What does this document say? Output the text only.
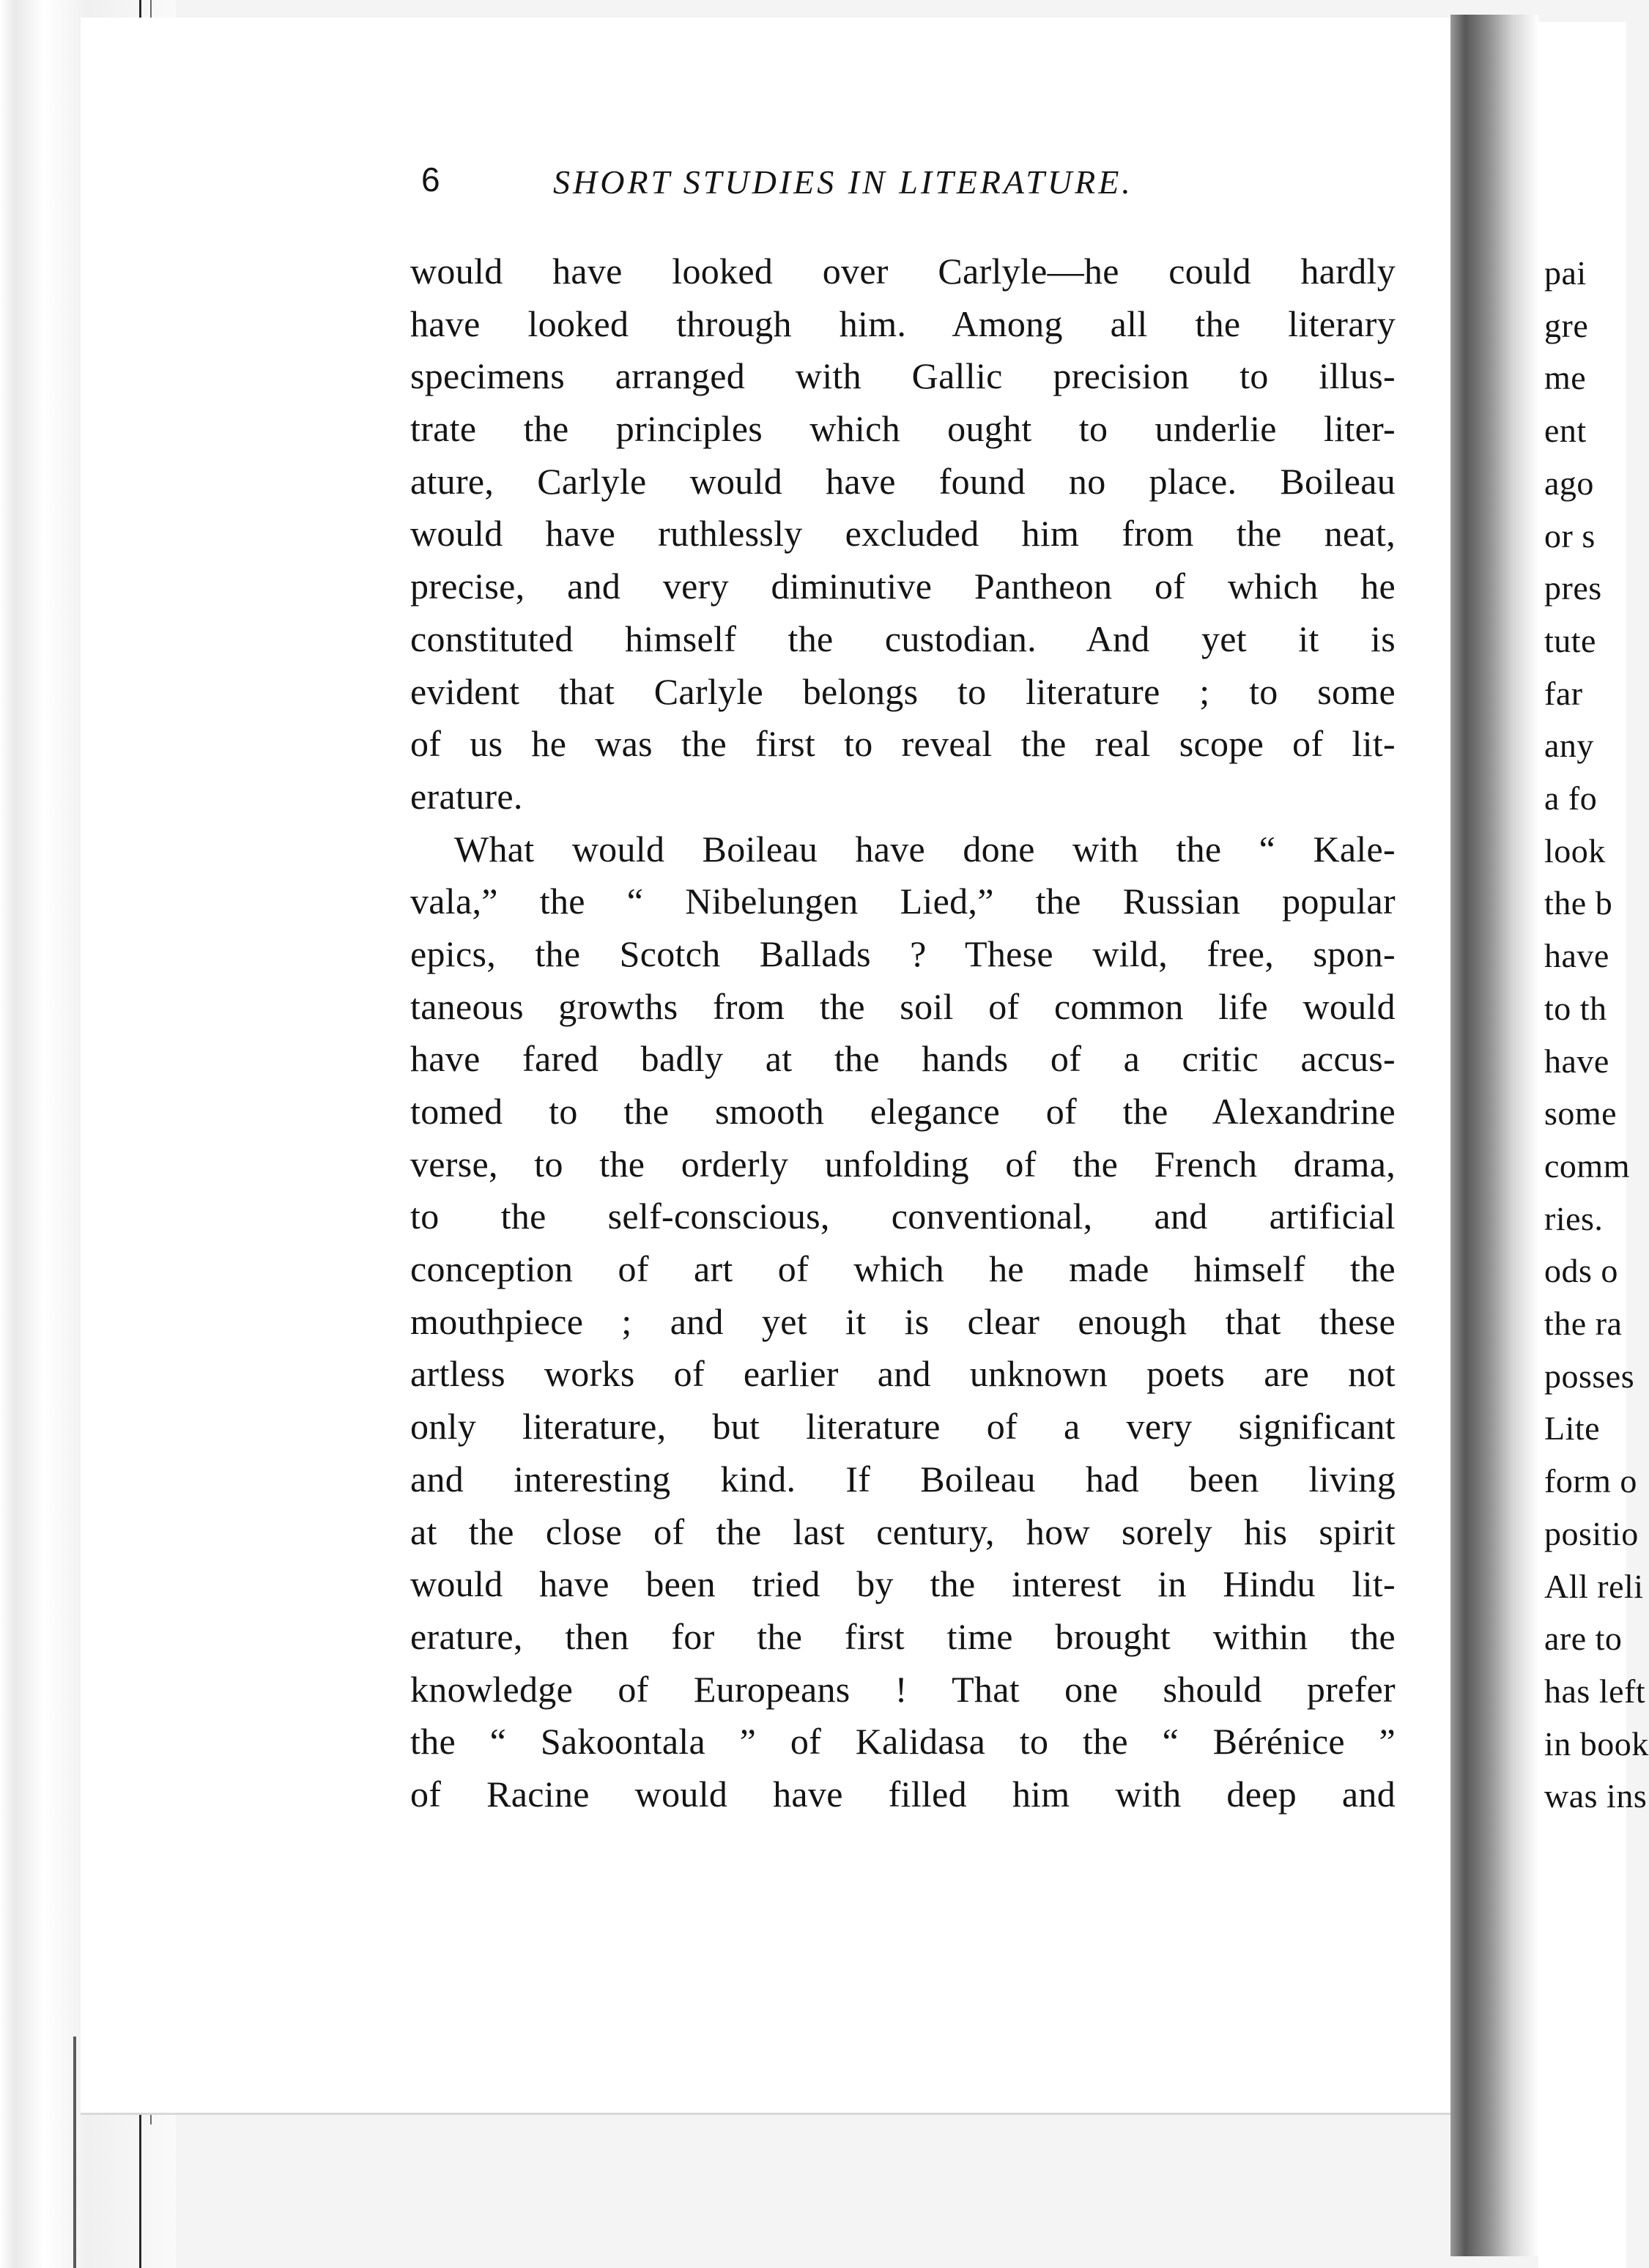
pai
gre
me
ent
ago
or s
pres
tute
far
any
a fo
look
the b
have
to th
have
some
comm
ries.
ods o
the ra
posses
Lite
form o
positio
All reli
are to
has left
in book
was ins
6	SHORT STUDIES IN LITERATURE.
would have looked over Carlyle—he could hardly
have looked through him. Among all the literary
specimens arranged with Gallic precision to illus-
trate the principles which ought to underlie liter-
ature, Carlyle would have found no place. Boileau
would have ruthlessly excluded him from the neat,
precise, and very diminutive Pantheon of which he
constituted himself the custodian. And yet it is
evident that Carlyle belongs to literature ; to some
of us he was the first to reveal the real scope of lit-
erature.
What would Boileau have done with the “ Kale-
vala,” the “ Nibelungen Lied,” the Russian popular
epics, the Scotch Ballads ? These wild, free, spon-
taneous growths from the soil of common life would
have fared badly at the hands of a critic accus-
tomed to the smooth elegance of the Alexandrine
verse, to the orderly unfolding of the French drama,
to the self-conscious, conventional, and artificial
conception of art of which he made himself the
mouthpiece ; and yet it is clear enough that these
artless works of earlier and unknown poets are not
only literature, but literature of a very significant
and interesting kind. If Boileau had been living
at the close of the last century, how sorely his spirit
would have been tried by the interest in Hindu lit-
erature, then for the first time brought within the
knowledge of Europeans ! That one should prefer
the “ Sakoontala ” of Kalidasa to the “ Bérénice ”
of Racine would have filled him with deep and
